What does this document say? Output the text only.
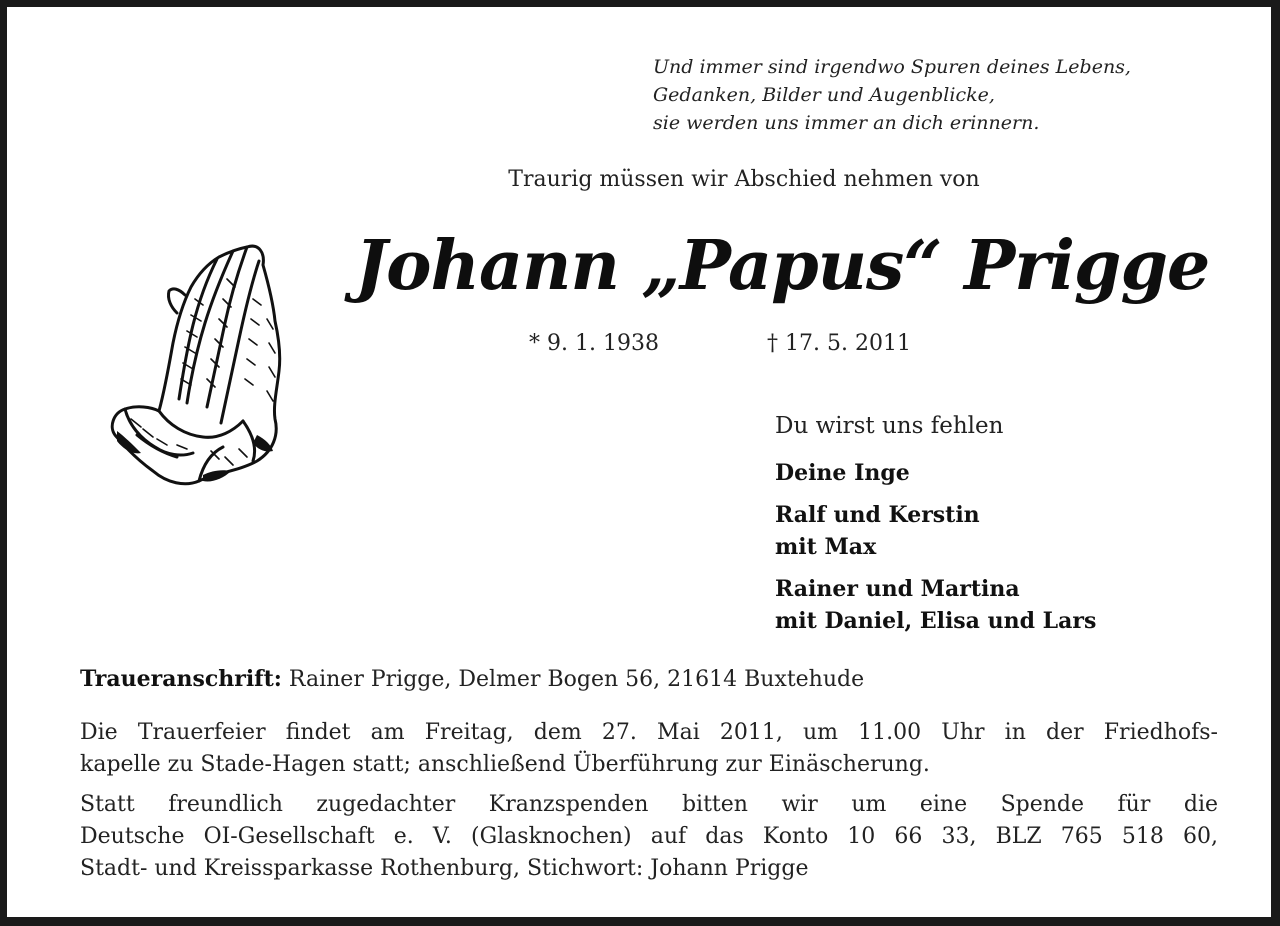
Und immer sind irgendwo Spuren deines Lebens,
Gedanken, Bilder und Augenblicke,
sie werden uns immer an dich erinnern.
Traurig müssen wir Abschied nehmen von
Johann „Papus“ Prigge
* 9. 1. 1938	† 17. 5. 2011
Du wirst uns fehlen
Deine Inge
Ralf und Kerstin
mit Max
Rainer und Martina
mit Daniel, Elisa und Lars
Traueranschrift: Rainer Prigge, Delmer Bogen 56, 21614 Buxtehude
Die Trauerfeier findet am Freitag, dem 27. Mai 2011, um 11.00 Uhr in der Friedhofs-
kapelle zu Stade-Hagen statt; anschließend Überführung zur Einäscherung.
Statt freundlich zugedachter Kranzspenden bitten wir um eine Spende für die
Deutsche OI-Gesellschaft e. V. (Glasknochen) auf das Konto 10 66 33, BLZ 765 518 60,
Stadt- und Kreissparkasse Rothenburg, Stichwort: Johann Prigge
